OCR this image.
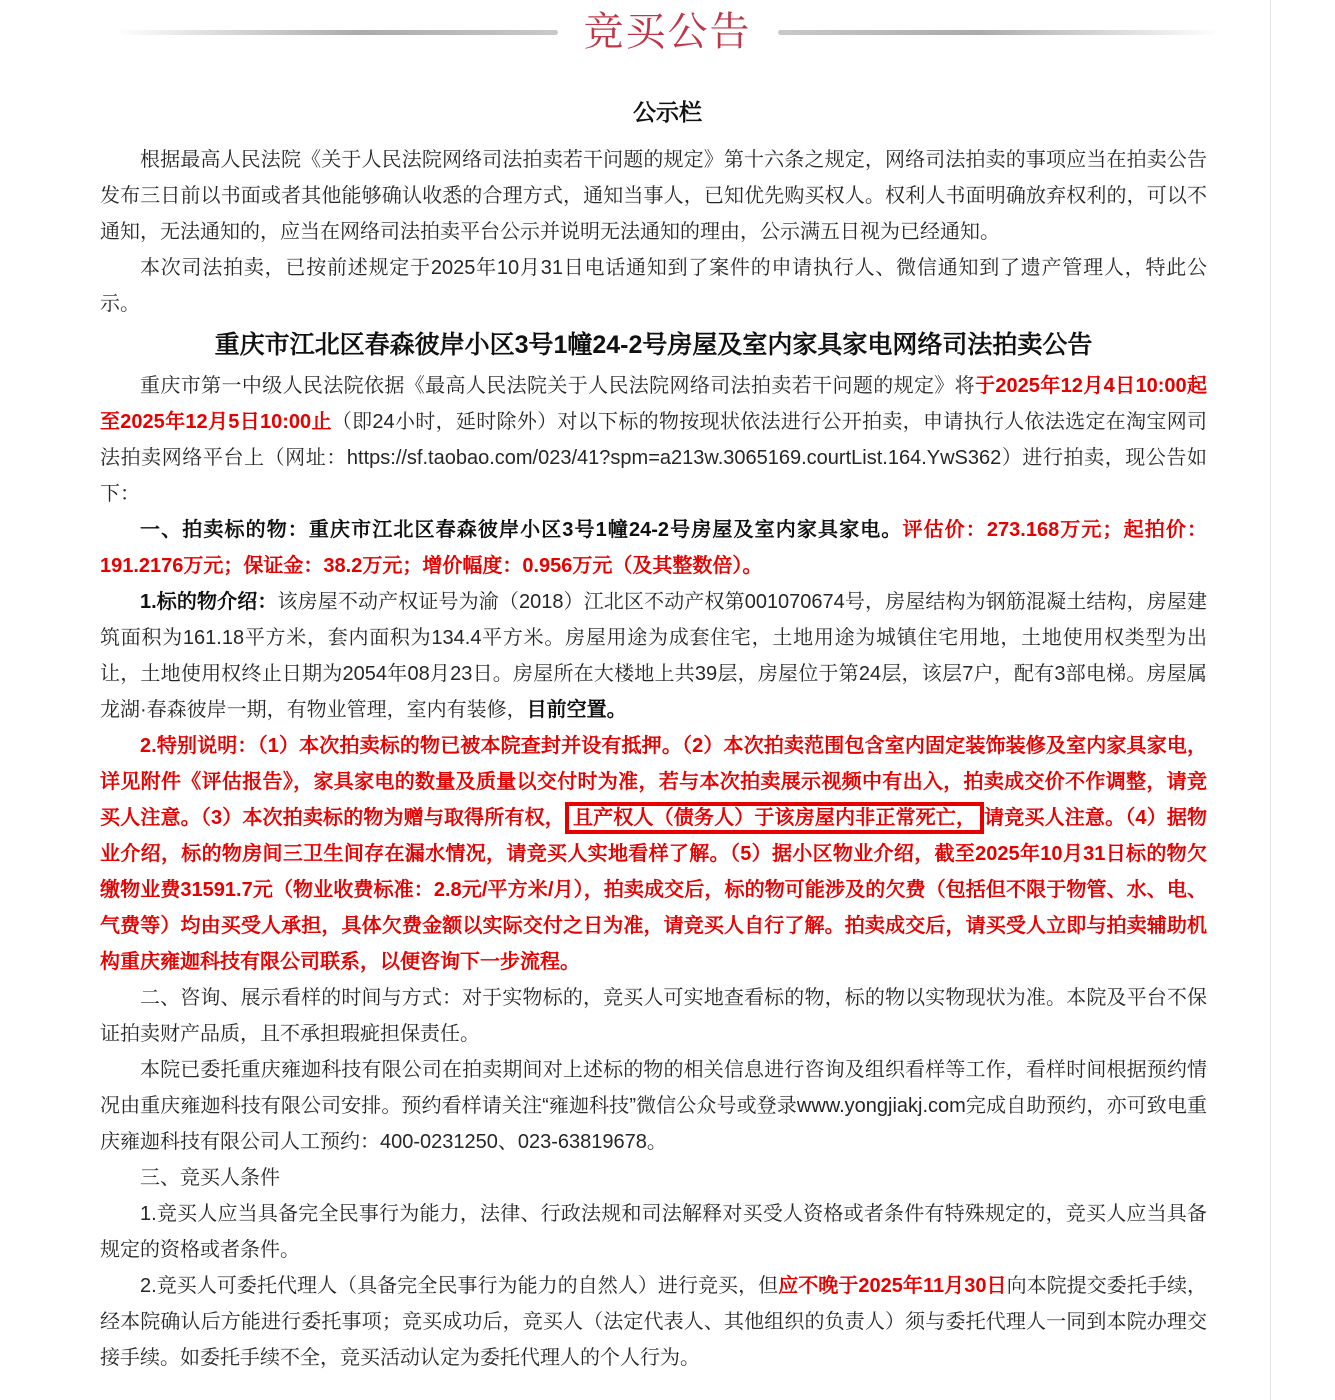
竞买公告
公示栏
根据最高人民法院《关于人民法院网络司法拍卖若干问题的规定》第十六条之规定，网络司法拍卖的事项应当在拍卖公告发布三日前以书面或者其他能够确认收悉的合理方式，通知当事人，已知优先购买权人。权利人书面明确放弃权利的，可以不通知，无法通知的，应当在网络司法拍卖平台公示并说明无法通知的理由，公示满五日视为已经通知。
本次司法拍卖，已按前述规定于2025年10月31日电话通知到了案件的申请执行人、微信通知到了遗产管理人，特此公示。
重庆市江北区春森彼岸小区3号1幢24-2号房屋及室内家具家电网络司法拍卖公告
重庆市第一中级人民法院依据《最高人民法院关于人民法院网络司法拍卖若干问题的规定》将于2025年12月4日10:00起至2025年12月5日10:00止（即24小时，延时除外）对以下标的物按现状依法进行公开拍卖，申请执行人依法选定在淘宝网司法拍卖网络平台上（网址：https://sf.taobao.com/023/41?spm=a213w.3065169.courtList.164.YwS362）进行拍卖，现公告如下：
一、拍卖标的物：重庆市江北区春森彼岸小区3号1幢24-2号房屋及室内家具家电。评估价：273.168万元；起拍价：191.2176万元；保证金：38.2万元；增价幅度：0.956万元（及其整数倍）。
1.标的物介绍：该房屋不动产权证号为渝（2018）江北区不动产权第001070674号，房屋结构为钢筋混凝土结构，房屋建筑面积为161.18平方米，套内面积为134.4平方米。房屋用途为成套住宅，土地用途为城镇住宅用地，土地使用权类型为出让，土地使用权终止日期为2054年08月23日。房屋所在大楼地上共39层，房屋位于第24层，该层7户，配有3部电梯。房屋属龙湖·春森彼岸一期，有物业管理，室内有装修，目前空置。
2.特别说明：（1）本次拍卖标的物已被本院查封并设有抵押。（2）本次拍卖范围包含室内固定装饰装修及室内家具家电，详见附件《评估报告》，家具家电的数量及质量以交付时为准，若与本次拍卖展示视频中有出入，拍卖成交价不作调整，请竞买人注意。（3）本次拍卖标的物为赠与取得所有权， 且产权人（债务人）于该房屋内非正常死亡， 请竞买人注意。（4）据物业介绍，标的物房间三卫生间存在漏水情况，请竞买人实地看样了解。（5）据小区物业介绍，截至2025年10月31日标的物欠缴物业费31591.7元（物业收费标准：2.8元/平方米/月），拍卖成交后，标的物可能涉及的欠费（包括但不限于物管、水、电、气费等）均由买受人承担，具体欠费金额以实际交付之日为准，请竞买人自行了解。拍卖成交后，请买受人立即与拍卖辅助机构重庆雍迦科技有限公司联系，以便咨询下一步流程。
二、咨询、展示看样的时间与方式：对于实物标的，竞买人可实地查看标的物，标的物以实物现状为准。本院及平台不保证拍卖财产品质，且不承担瑕疵担保责任。
本院已委托重庆雍迦科技有限公司在拍卖期间对上述标的物的相关信息进行咨询及组织看样等工作，看样时间根据预约情况由重庆雍迦科技有限公司安排。预约看样请关注“雍迦科技”微信公众号或登录www.yongjiakj.com完成自助预约，亦可致电重庆雍迦科技有限公司人工预约：400-0231250、023-63819678。
三、竞买人条件
1.竞买人应当具备完全民事行为能力，法律、行政法规和司法解释对买受人资格或者条件有特殊规定的，竞买人应当具备规定的资格或者条件。
2.竞买人可委托代理人（具备完全民事行为能力的自然人）进行竞买，但应不晚于2025年11月30日向本院提交委托手续，经本院确认后方能进行委托事项；竞买成功后，竞买人（法定代表人、其他组织的负责人）须与委托代理人一同到本院办理交接手续。如委托手续不全，竞买活动认定为委托代理人的个人行为。
